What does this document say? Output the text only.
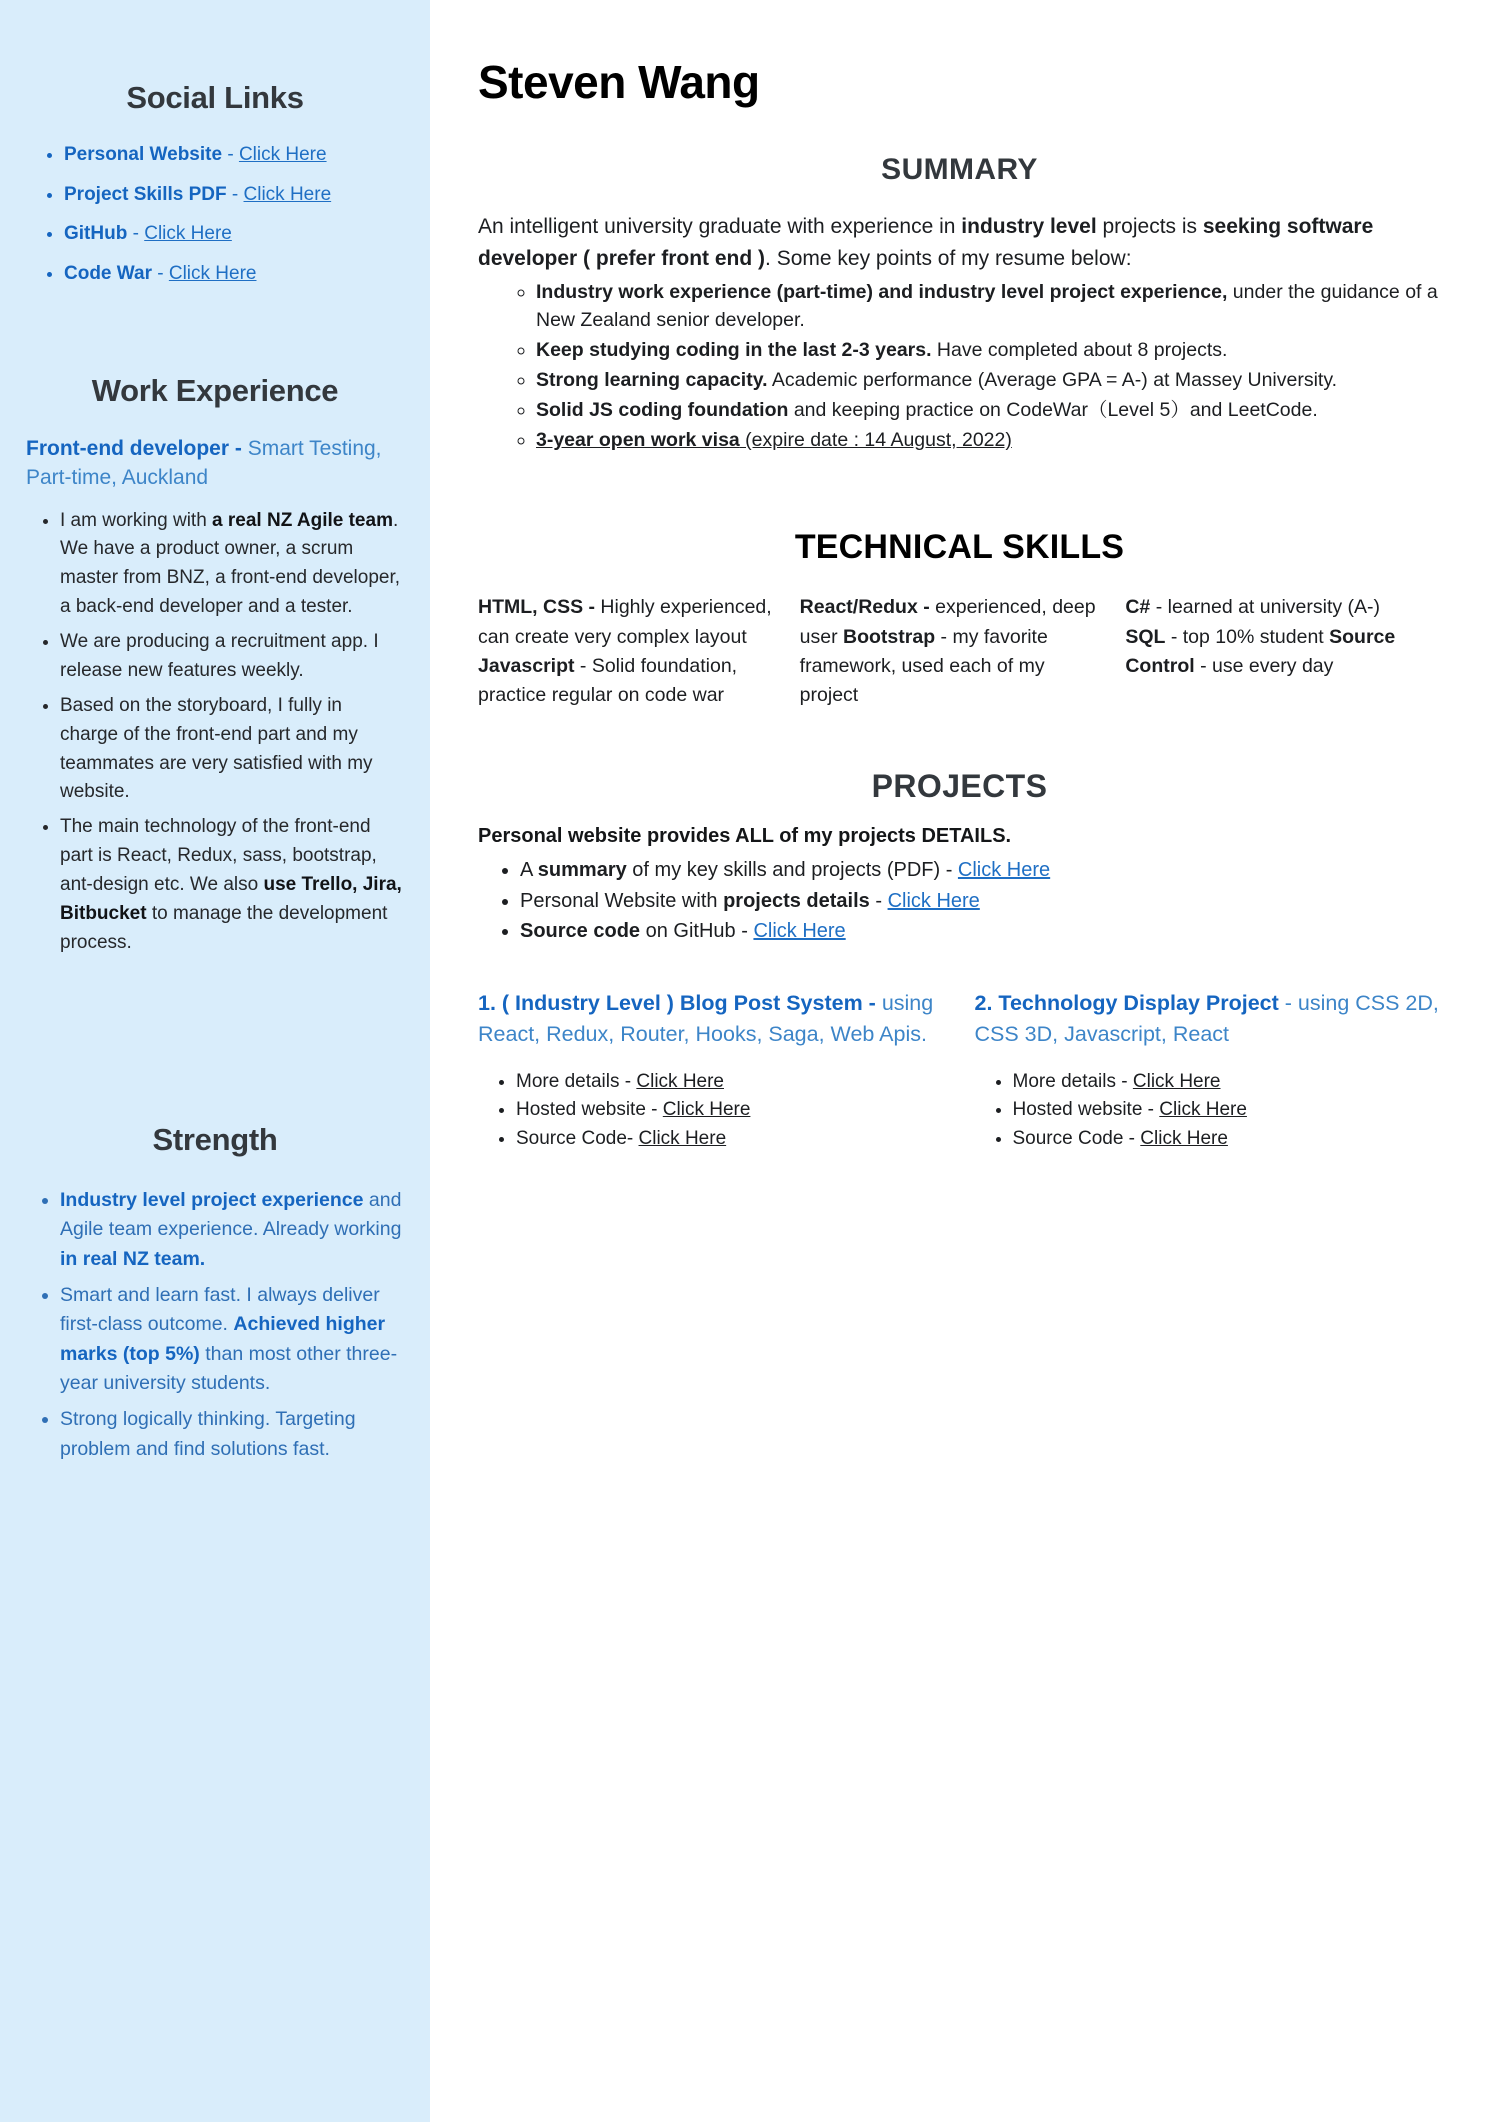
Social Links
• Personal Website - Click Here
• Project Skills PDF - Click Here
• GitHub - Click Here
• Code War - Click Here
Work Experience

Front-end developer - Smart Testing, Part-time, Auckland

• I am working with a real NZ Agile team. We have a product owner, a scrum master from BNZ, a front-end developer, a back-end developer and a tester.
• We are producing a recruitment app. I release new features weekly.
• Based on the storyboard, I fully in charge of the front-end part and my teammates are very satisfied with my website.
• The main technology of the front-end part is React, Redux, sass, bootstrap, ant-design etc. We also use Trello, Jira, Bitbucket to manage the development process.
Strength
• Industry level project experience and Agile team experience. Already working in real NZ team.
• Smart and learn fast. I always deliver first-class outcome. Achieved higher marks (top 5%) than most other three-year university students.
• Strong logically thinking. Targeting problem and find solutions fast.
Steven Wang
SUMMARY

An intelligent university graduate with experience in industry level projects is seeking software developer ( prefer front end ). Some key points of my resume below:

◦ Industry work experience (part-time) and industry level project experience, under the guidance of a New Zealand senior developer.
◦ Keep studying coding in the last 2-3 years. Have completed about 8 projects.
◦ Strong learning capacity. Academic performance (Average GPA = A-) at Massey University.
◦ Solid JS coding foundation and keeping practice on CodeWar（Level 5）and LeetCode.
◦ 3-year open work visa (expire date : 14 August, 2022)
TECHNICAL SKILLS
HTML, CSS - Highly experienced, can create very complex layout Javascript - Solid foundation, practice regular on code war
React/Redux - experienced, deep user Bootstrap - my favorite framework, used each of my project
C# - learned at university (A-) SQL - top 10% student Source Control - use every day
PROJECTS

Personal website provides ALL of my projects DETAILS.

• A summary of my key skills and projects (PDF) - Click Here
• Personal Website with projects details - Click Here
• Source code on GitHub - Click Here

1. ( Industry Level ) Blog Post System - using React, Redux, Router, Hooks, Saga, Web Apis.

• More details - Click Here
• Hosted website - Click Here
• Source Code- Click Here

2. Technology Display Project - using CSS 2D, CSS 3D, Javascript, React

• More details - Click Here
• Hosted website - Click Here
• Source Code - Click Here
